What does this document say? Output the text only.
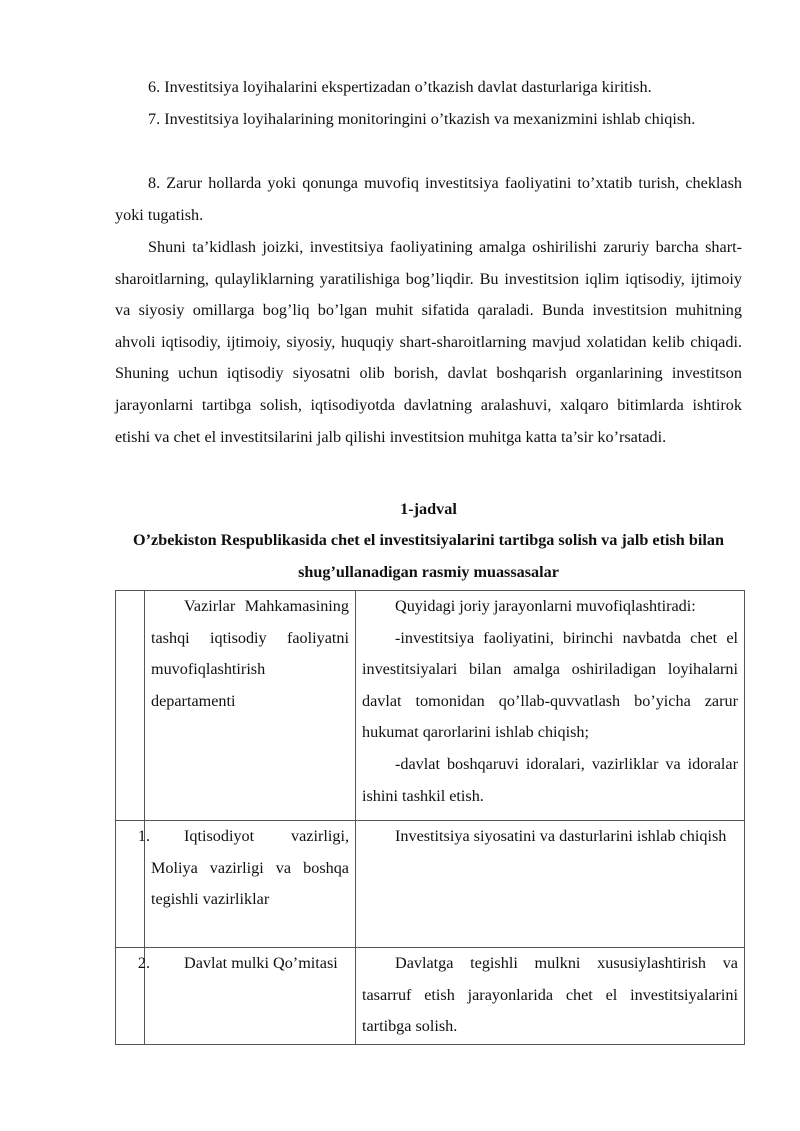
6. Investitsiya loyihalarini ekspertizadan o’tkazish davlat dasturlariga kiritish.

7. Investitsiya loyihalarining monitoringini o’tkazish va mexanizmini ishlab chiqish.

8. Zarur hollarda yoki qonunga muvofiq investitsiya faoliyatini to’xtatib turish, cheklash yoki tugatish.

Shuni ta’kidlash joizki, investitsiya faoliyatining amalga oshirilishi zaruriy barcha shart-sharoitlarning, qulayliklarning yaratilishiga bog’liqdir. Bu investitsion iqlim iqtisodiy, ijtimoiy va siyosiy omillarga bog’liq bo’lgan muhit sifatida qaraladi. Bunda investitsion muhitning ahvoli iqtisodiy, ijtimoiy, siyosiy, huquqiy shart-sharoitlarning mavjud xolatidan kelib chiqadi. Shuning uchun iqtisodiy siyosatni olib borish, davlat boshqarish organlarining investitson jarayonlarni tartibga solish, iqtisodiyotda davlatning aralashuvi, xalqaro bitimlarda ishtirok etishi va chet el investitsilarini jalb qilishi investitsion muhitga katta ta’sir ko’rsatadi.

1-jadval

O’zbekiston Respublikasida chet el investitsiyalarini tartibga solish va jalb etish bilan shug’ullanadigan rasmiy muassasalar

	Vazirlar Mahkamasining tashqi iqtisodiy faoliyatni muvofiqlashtirish departamenti	Quyidagi joriy jarayonlarni muvofiqlashtiradi:

-investitsiya faoliyatini, birinchi navbatda chet el investitsiyalari bilan amalga oshiriladigan loyihalarni davlat tomonidan qo’llab-quvvatlash bo’yicha zarur hukumat qarorlarini ishlab chiqish;

-davlat boshqaruvi idoralari, vazirliklar va idoralar ishini tashkil etish.

1.	Iqtisodiyot vazirligi, Moliya vazirligi va boshqa tegishli vazirliklar	Investitsiya siyosatini va dasturlarini ishlab chiqish

2.	Davlat mulki Qo’mitasi	Davlatga tegishli mulkni xususiylashtirish va tasarruf etish jarayonlarida chet el investitsiyalarini tartibga solish.
